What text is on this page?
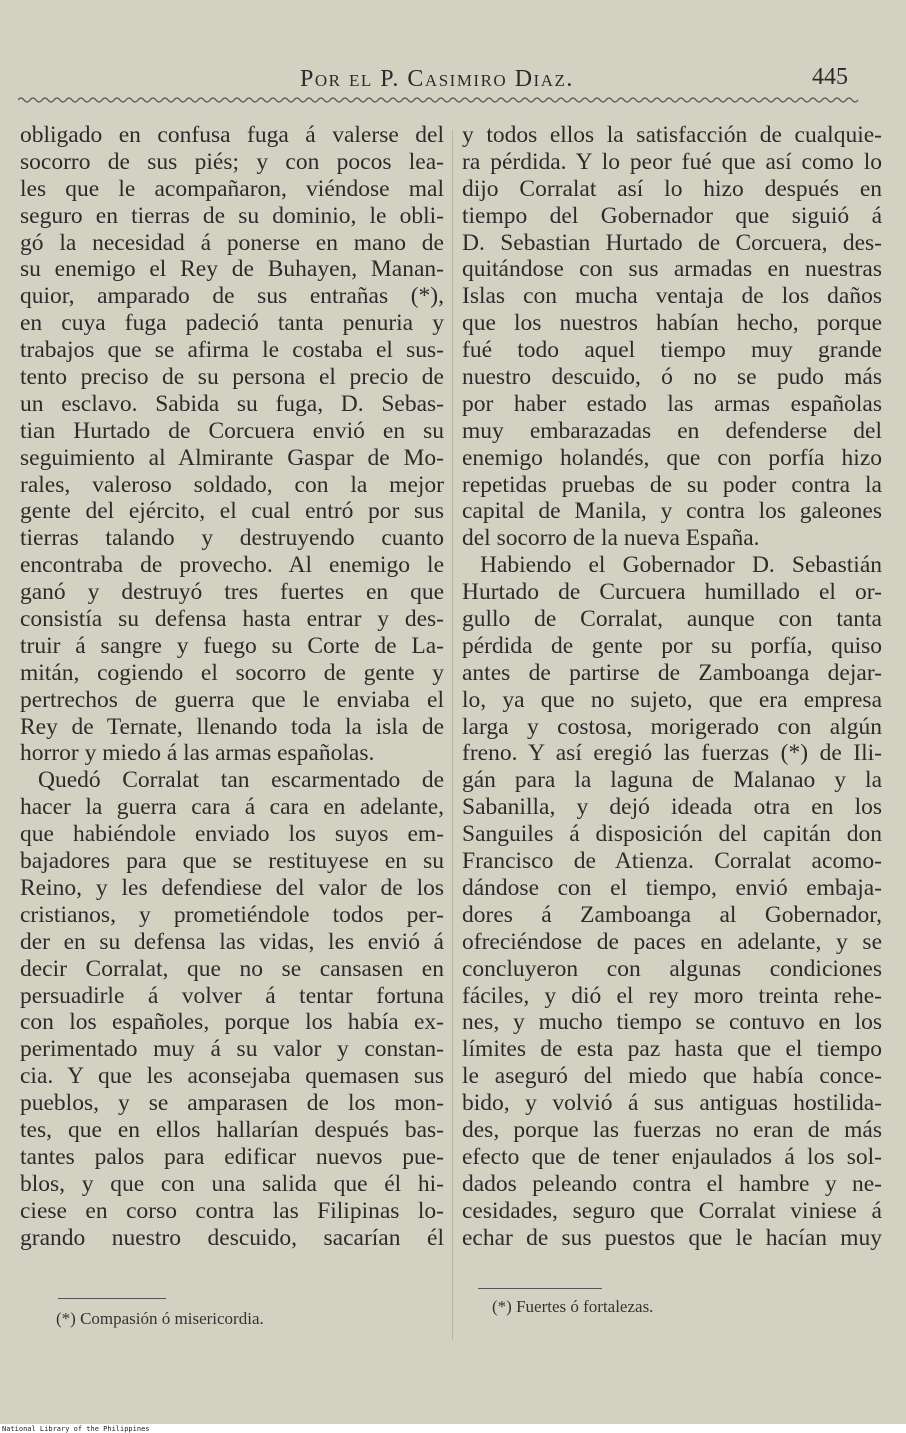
Por el P. Casimiro Diaz.	445
obligado en confusa fuga á valerse del
socorro de sus piés; y con pocos lea-
les que le acompañaron, viéndose mal
seguro en tierras de su dominio, le obli-
gó la necesidad á ponerse en mano de
su enemigo el Rey de Buhayen, Manan-
quior, amparado de sus entrañas (*),
en cuya fuga padeció tanta penuria y
trabajos que se afirma le costaba el sus-
tento preciso de su persona el precio de
un esclavo. Sabida su fuga, D. Sebas-
tian Hurtado de Corcuera envió en su
seguimiento al Almirante Gaspar de Mo-
rales, valeroso soldado, con la mejor
gente del ejército, el cual entró por sus
tierras talando y destruyendo cuanto
encontraba de provecho. Al enemigo le
ganó y destruyó tres fuertes en que
consistía su defensa hasta entrar y des-
truir á sangre y fuego su Corte de La-
mitán, cogiendo el socorro de gente y
pertrechos de guerra que le enviaba el
Rey de Ternate, llenando toda la isla de
horror y miedo á las armas españolas.
Quedó Corralat tan escarmentado de
hacer la guerra cara á cara en adelante,
que habiéndole enviado los suyos em-
bajadores para que se restituyese en su
Reino, y les defendiese del valor de los
cristianos, y prometiéndole todos per-
der en su defensa las vidas, les envió á
decir Corralat, que no se cansasen en
persuadirle á volver á tentar fortuna
con los españoles, porque los había ex-
perimentado muy á su valor y constan-
cia. Y que les aconsejaba quemasen sus
pueblos, y se amparasen de los mon-
tes, que en ellos hallarían después bas-
tantes palos para edificar nuevos pue-
blos, y que con una salida que él hi-
ciese en corso contra las Filipinas lo-
grando nuestro descuido, sacarían él
y todos ellos la satisfacción de cualquie-
ra pérdida. Y lo peor fué que así como lo
dijo Corralat así lo hizo después en
tiempo del Gobernador que siguió á
D. Sebastian Hurtado de Corcuera, des-
quitándose con sus armadas en nuestras
Islas con mucha ventaja de los daños
que los nuestros habían hecho, porque
fué todo aquel tiempo muy grande
nuestro descuido, ó no se pudo más
por haber estado las armas españolas
muy embarazadas en defenderse del
enemigo holandés, que con porfía hizo
repetidas pruebas de su poder contra la
capital de Manila, y contra los galeones
del socorro de la nueva España.
Habiendo el Gobernador D. Sebastián
Hurtado de Curcuera humillado el or-
gullo de Corralat, aunque con tanta
pérdida de gente por su porfía, quiso
antes de partirse de Zamboanga dejar-
lo, ya que no sujeto, que era empresa
larga y costosa, morigerado con algún
freno. Y así eregió las fuerzas (*) de Ili-
gán para la laguna de Malanao y la
Sabanilla, y dejó ideada otra en los
Sanguiles á disposición del capitán don
Francisco de Atienza. Corralat acomo-
dándose con el tiempo, envió embaja-
dores á Zamboanga al Gobernador,
ofreciéndose de paces en adelante, y se
concluyeron con algunas condiciones
fáciles, y dió el rey moro treinta rehe-
nes, y mucho tiempo se contuvo en los
límites de esta paz hasta que el tiempo
le aseguró del miedo que había conce-
bido, y volvió á sus antiguas hostilida-
des, porque las fuerzas no eran de más
efecto que de tener enjaulados á los sol-
dados peleando contra el hambre y ne-
cesidades, seguro que Corralat viniese á
echar de sus puestos que le hacían muy
(*) Compasión ó misericordia.
(*) Fuertes ó fortalezas.
National Library of the Philippines
